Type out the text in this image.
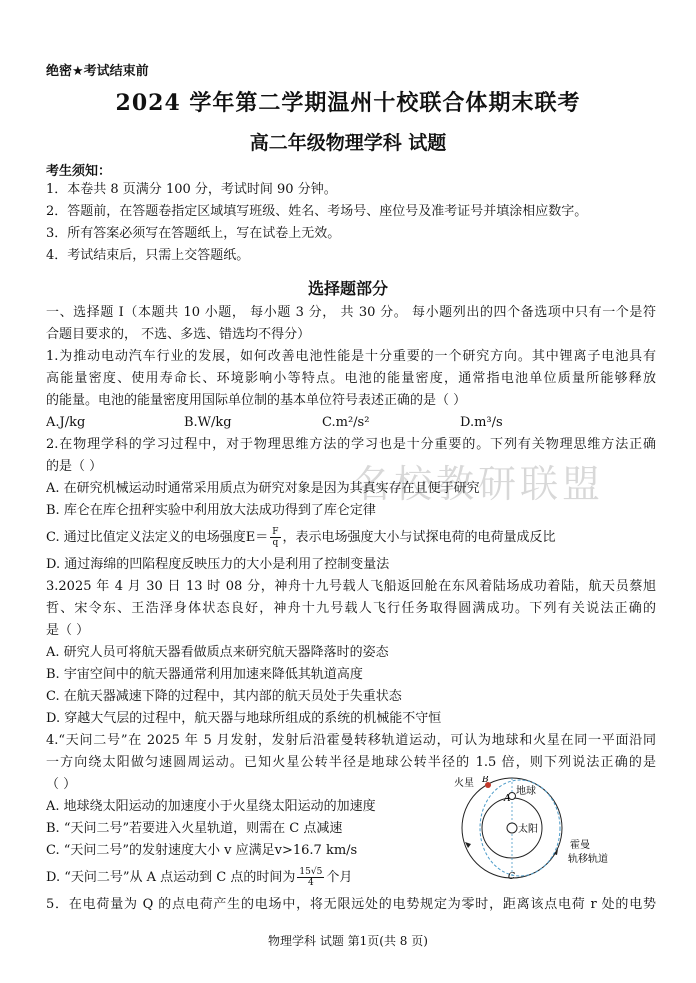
名校教研联盟
绝密★考试结束前
2024 学年第二学期温州十校联合体期末联考
高二年级物理学科 试题
考生须知：
1．本卷共 8 页满分 100 分，考试时间 90 分钟。
2．答题前，在答题卷指定区域填写班级、姓名、考场号、座位号及准考证号并填涂相应数字。
3．所有答案必须写在答题纸上，写在试卷上无效。
4．考试结束后，只需上交答题纸。
选择题部分
一、选择题 I（本题共 10 小题， 每小题 3 分， 共 30 分。 每小题列出的四个备选项中只有一个是符
合题目要求的， 不选、多选、错选均不得分）
1.为推动电动汽车行业的发展，如何改善电池性能是十分重要的一个研究方向。其中锂离子电池具有
高能量密度、使用寿命长、环境影响小等特点。电池的能量密度，通常指电池单位质量所能够释放
的能量。电池的能量密度用国际单位制的基本单位符号表述正确的是（ ）
A.J/kg	B.W/kg	C.m²/s²	D.m³/s
2.在物理学科的学习过程中，对于物理思维方法的学习也是十分重要的。下列有关物理思维方法正确
的是（ ）
A. 在研究机械运动时通常采用质点为研究对象是因为其真实存在且便于研究
B. 库仑在库仑扭秤实验中利用放大法成功得到了库仑定律
C. 通过比值定义法定义的电场强度$E= \frac{F}{q}$ ，表示电场强度大小与试探电荷的电荷量成反比
D. 通过海绵的凹陷程度反映压力的大小是利用了控制变量法
3.2025 年 4 月 30 日 13 时 08 分，神舟十九号载人飞船返回舱在东风着陆场成功着陆，航天员蔡旭
哲、宋令东、王浩泽身体状态良好，神舟十九号载人飞行任务取得圆满成功。下列有关说法正确的
是（ ）
A. 研究人员可将航天器看做质点来研究航天器降落时的姿态
B. 宇宙空间中的航天器通常利用加速来降低其轨道高度
C. 在航天器减速下降的过程中，其内部的航天员处于失重状态
D. 穿越大气层的过程中，航天器与地球所组成的系统的机械能不守恒
4.“天问二号”在 2025 年 5 月发射，发射后沿霍曼转移轨道运动，可认为地球和火星在同一平面沿同
一方向绕太阳做匀速圆周运动。已知火星公转半径是地球公转半径的 1.5 倍，则下列说法正确的是
（ ）
A. 地球绕太阳运动的加速度小于火星绕太阳运动的加速度
B. “天问二号”若要进入火星轨道，则需在 C 点减速
C. “天问二号”的发射速度大小 v 应满足v>16.7 km/s
D. “天问二号”从 A 点运动到 C 点的时间为 $\frac{15√5}{4}$ 个月
5．在电荷量为 Q 的点电荷产生的电场中，将无限远处的电势规定为零时，距离该点电荷 r 处的电势
火星 B
A
地球
太阳
C
霍曼
轨移轨道
物理学科 试题 第1页(共 8 页)
